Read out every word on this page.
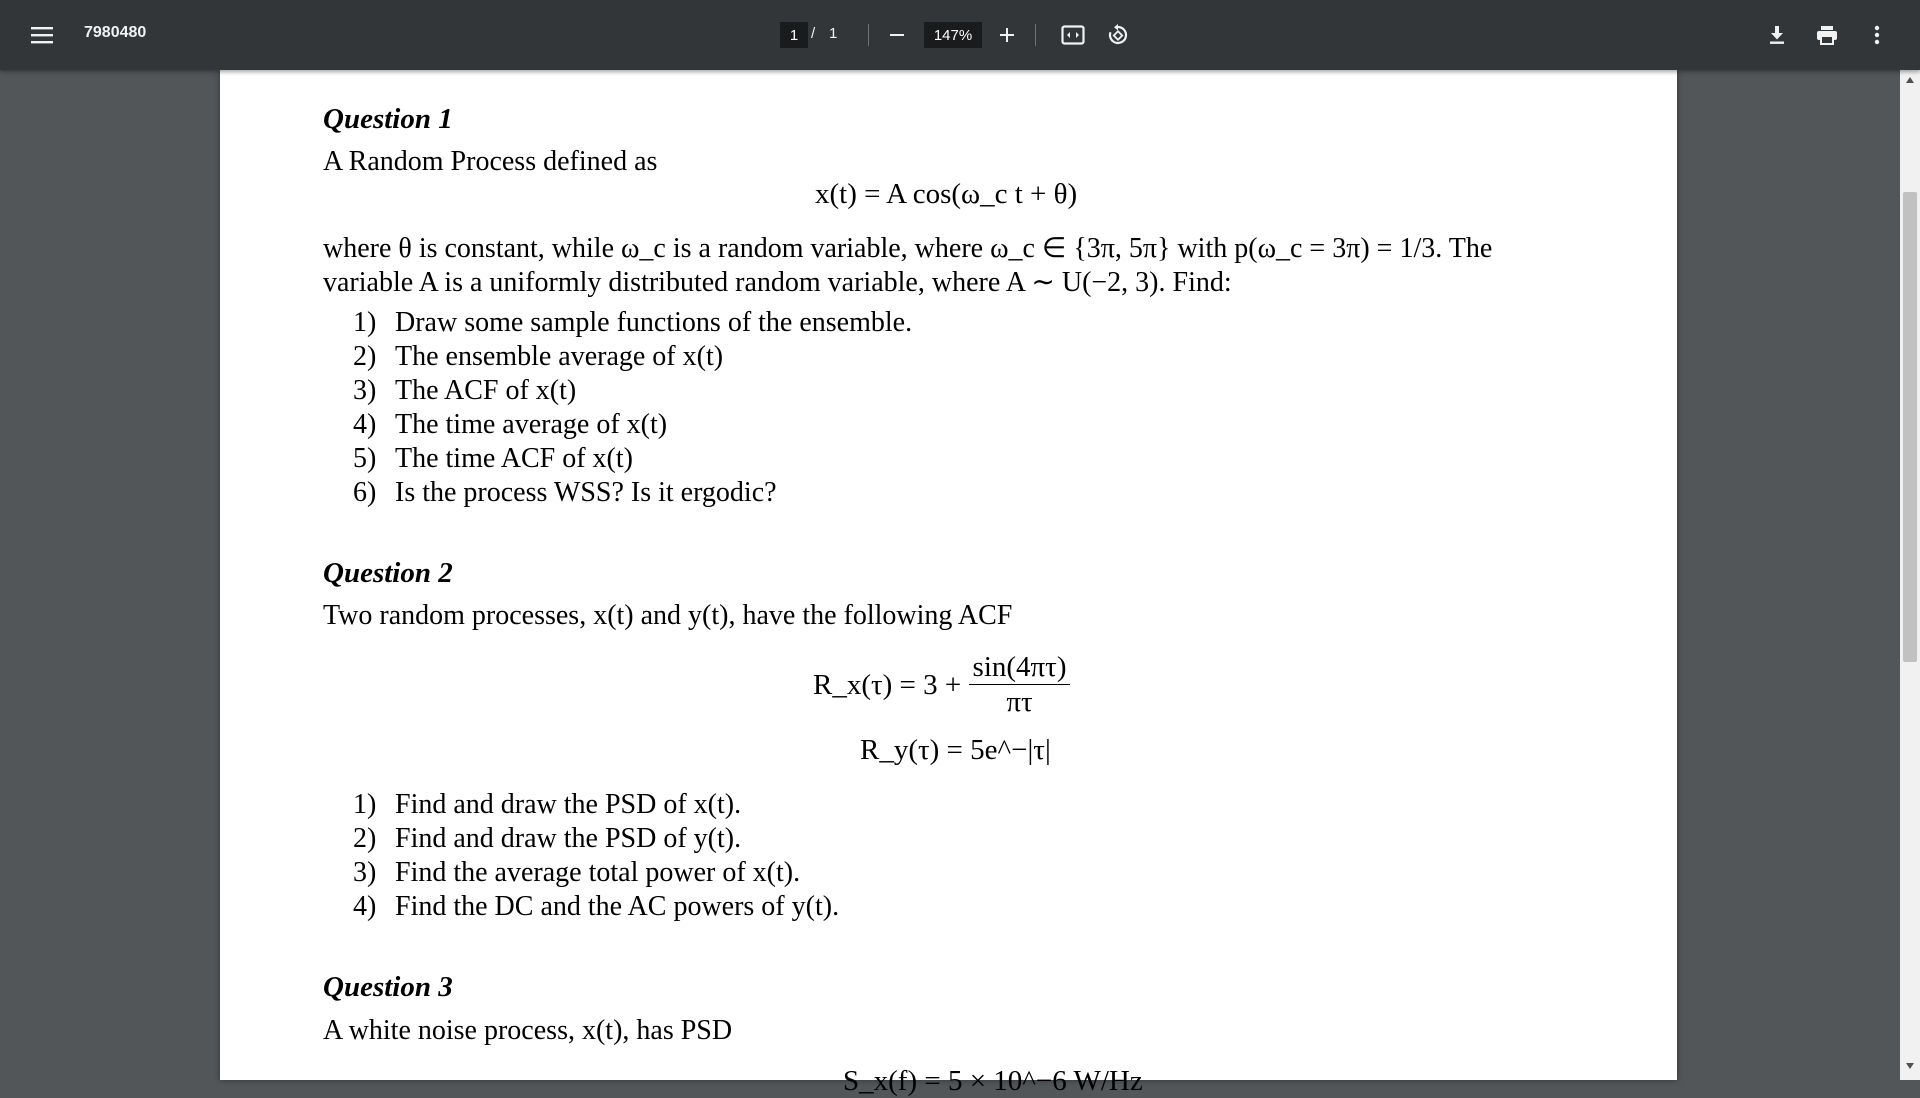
7980480	1 / 1	147%
Question 1
A Random Process defined as
x(t) = A cos(ω_c t + θ)
where θ is constant, while ω_c is a random variable, where ω_c ∈ {3π, 5π} with p(ω_c = 3π) = 1/3. The
variable A is a uniformly distributed random variable, where A ∼ U(−2, 3). Find:
1) Draw some sample functions of the ensemble.
2) The ensemble average of x(t)
3) The ACF of x(t)
4) The time average of x(t)
5) The time ACF of x(t)
6) Is the process WSS? Is it ergodic?
Question 2
Two random processes, x(t) and y(t), have the following ACF
R_x(τ) = $3 + \frac{\sin(4\pi\tau)}{\pi\tau}$
R_y(τ) = 5e^−|τ|
1) Find and draw the PSD of x(t).
2) Find and draw the PSD of y(t).
3) Find the average total power of x(t).
4) Find the DC and the AC powers of y(t).
Question 3
A white noise process, x(t), has PSD
S_x(f) = 5 × 10^−6 W/Hz
